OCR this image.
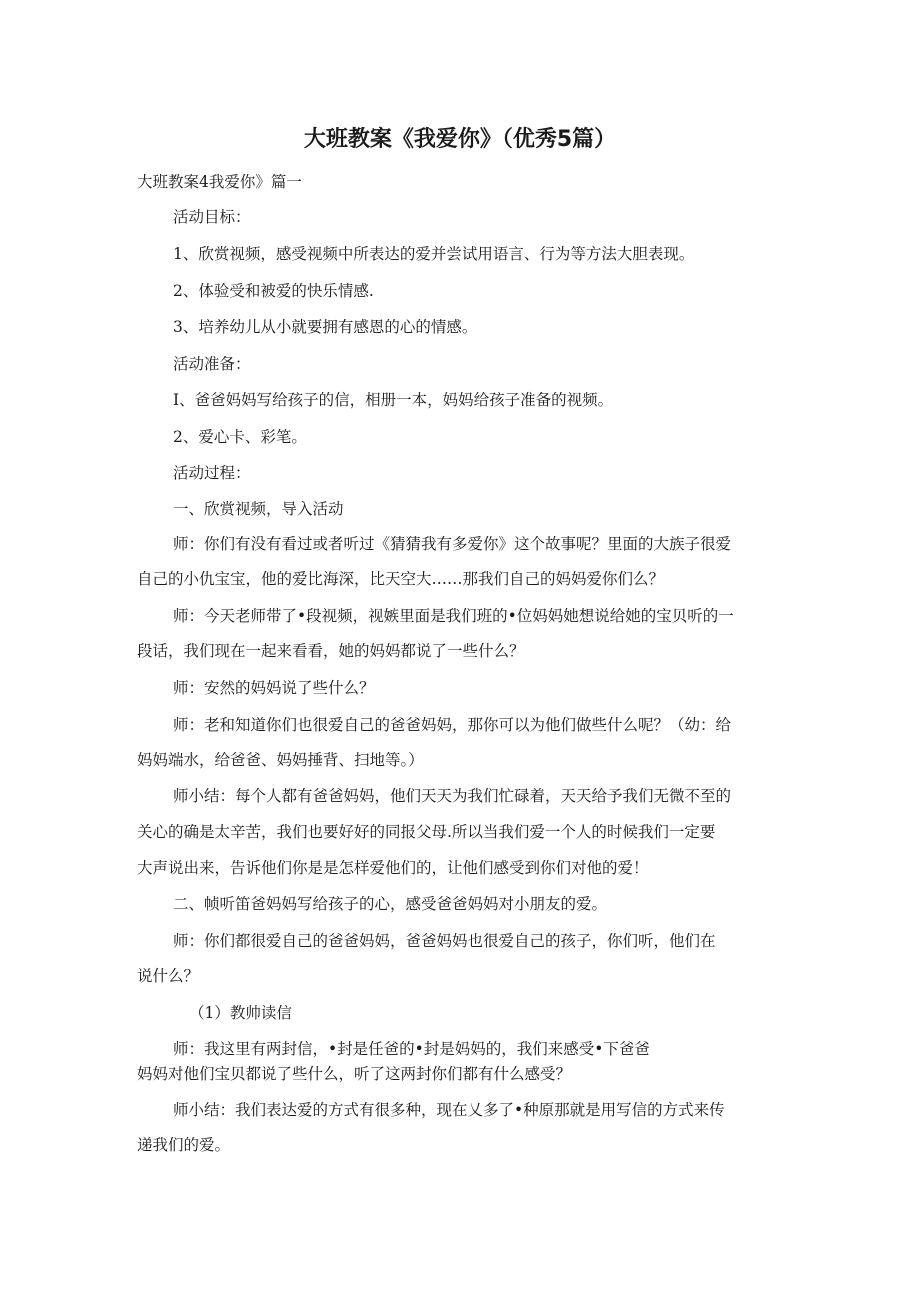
大班教案《我爱你》（优秀5篇）

大班教案4我爱你》篇一

活动目标：

1、欣赏视频，感受视频中所表达的爱并尝试用语言、行为等方法大胆表现。

2、体验受和被爱的快乐情感.

3、培养幼儿从小就要拥有感恩的心的情感。

活动准备：

I、爸爸妈妈写给孩子的信，相册一本，妈妈给孩子准备的视频。

2、爱心卡、彩笔。

活动过程：

一、欣赏视频，导入活动

师：你们有没有看过或者听过《猜猜我有多爱你》这个故事呢？里面的大族子很爱

自己的小仇宝宝，他的爱比海深，比天空大……那我们自己的妈妈爱你们么？

师：今天老师带了•段视频，视嫉里面是我们班的•位妈妈她想说给她的宝贝听的一

段话，我们现在一起来看看，她的妈妈都说了一些什么？

师：安然的妈妈说了些什么？

师：老和知道你们也很爱自己的爸爸妈妈，那你可以为他们做些什么呢？（幼：给

妈妈端水，给爸爸、妈妈捶背、扫地等。）

师小结：每个人都有爸爸妈妈，他们天天为我们忙碌着，天天给予我们无微不至的

关心的确是太辛苦，我们也要好好的同报父母.所以当我们爱一个人的时候我们一定要

大声说出来，告诉他们你是是怎样爱他们的，让他们感受到你们对他的爱！

二、帧听笛爸妈妈写给孩子的心，感受爸爸妈妈对小朋友的爱。

师：你们都很爱自己的爸爸妈妈，爸爸妈妈也很爱自己的孩子，你们听，他们在

说什么？

（1）教帅读信

师：我这里有两封信，•封是任爸的•封是妈妈的，我们来感受•下爸爸

妈妈对他们宝贝都说了些什么，听了这两封你们都有什么感受？

师小结：我们表达爱的方式有很多种，现在乂多了•种原那就是用写信的方式来传

递我们的爱。
